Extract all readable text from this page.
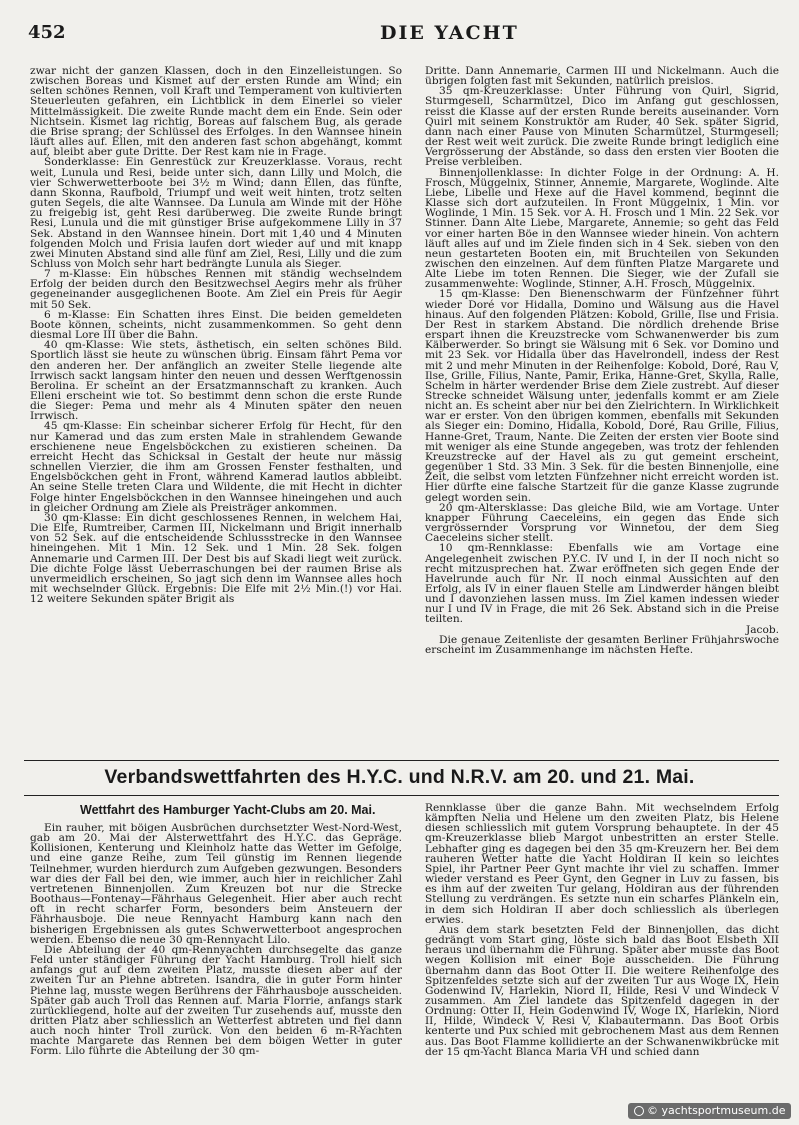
452	DIE YACHT

zwar nicht der ganzen Klassen, doch in den Einzelleistungen. So zwischen Boreas und Kismet auf der ersten Runde am Wind; ein selten schönes Rennen, voll Kraft und Temperament von kultivierten Steuerleuten gefahren, ein Lichtblick in dem Einerlei so vieler Mittelmässigkeit. Die zweite Runde macht dem ein Ende. Sein oder Nichtsein. Kismet lag richtig, Boreas auf falschem Bug, als gerade die Brise sprang; der Schlüssel des Erfolges. In den Wannsee hinein läuft alles auf. Ellen, mit den anderen fast schon abgehängt, kommt auf, bleibt aber gute Dritte. Der Rest kam nie in Frage.

Sonderklasse: Ein Genrestück zur Kreuzerklasse. Voraus, recht weit, Lunula und Resi, beide unter sich, dann Lilly und Molch, die vier Schwerwetterboote bei 3½ m Wind; dann Ellen, das fünfte, dann Skonna, Raufbold, Triumpf und weit weit hinten, trotz selten guten Segels, die alte Wannsee. Da Lunula am Winde mit der Höhe zu freigebig ist, geht Resi darüberweg. Die zweite Runde bringt Resi, Lunula und die mit günstiger Brise aufgekommene Lilly in 37 Sek. Abstand in den Wannsee hinein. Dort mit 1,40 und 4 Minuten folgenden Molch und Frisia laufen dort wieder auf und mit knapp zwei Minuten Abstand sind alle fünf am Ziel, Resi, Lilly und die zum Schluss von Molch sehr hart bedrängte Lunula als Sieger.

7 m-Klasse: Ein hübsches Rennen mit ständig wechselndem Erfolg der beiden durch den Besitzwechsel Aegirs mehr als früher gegeneinander ausgeglichenen Boote. Am Ziel ein Preis für Aegir mit 50 Sek.

6 m-Klasse: Ein Schatten ihres Einst. Die beiden gemeldeten Boote können, scheints, nicht zusammenkommen. So geht denn diesmal Lore III über die Bahn.

40 qm-Klasse: Wie stets, ästhetisch, ein selten schönes Bild. Sportlich lässt sie heute zu wünschen übrig. Einsam fährt Pema vor den anderen her. Der anfänglich an zweiter Stelle liegende alte Irrwisch sackt langsam hinter den neuen und dessen Werftgenossin Berolina. Er scheint an der Ersatzmannschaft zu kranken. Auch Elleni erscheint wie tot. So bestimmt denn schon die erste Runde die Sieger: Pema und mehr als 4 Minuten später den neuen Irrwisch.

45 qm-Klasse: Ein scheinbar sicherer Erfolg für Hecht, für den nur Kamerad und das zum ersten Male in strahlendem Gewande erschienene neue Engelsböckchen zu existieren scheinen. Da erreicht Hecht das Schicksal in Gestalt der heute nur mässig schnellen Vierzier, die ihm am Grossen Fenster festhalten, und Engelsböckchen geht in Front, während Kamerad lautlos abbleibt. An seine Stelle treten Clara und Wildente, die mit Hecht in dichter Folge hinter Engelsböckchen in den Wannsee hineingehen und auch in gleicher Ordnung am Ziele als Preisträger ankommen.

30 qm-Klasse: Ein dicht geschlossenes Rennen, in welchem Hai, Die Elfe, Rumtreiber, Carmen III, Nickelmann und Brigit innerhalb von 52 Sek. auf die entscheidende Schlussstrecke in den Wannsee hineingehen. Mit 1 Min. 12 Sek. und 1 Min. 28 Sek. folgen Annemarie und Carmen III. Der Dest bis auf Skadi liegt weit zurück. Die dichte Folge lässt Ueberraschungen bei der raumen Brise als unvermeidlich erscheinen, So jagt sich denn im Wannsee alles hoch mit wechselnder Glück. Ergebnis: Die Elfe mit 2½ Min.(!) vor Hai. 12 weitere Sekunden später Brigit als

Dritte. Dann Annemarie, Carmen III und Nickelmann. Auch die übrigen folgten fast mit Sekunden, natürlich preislos.

35 qm-Kreuzerklasse: Unter Führung von Quirl, Sigrid, Sturmgesell, Scharmützel, Dico im Anfang gut geschlossen, reisst die Klasse auf der ersten Runde bereits auseinander. Vorn Quirl mit seinem Konstruktör am Ruder, 40 Sek. später Sigrid, dann nach einer Pause von Minuten Scharmützel, Sturmgesell; der Rest weit weit zurück. Die zweite Runde bringt lediglich eine Vergrösserung der Abstände, so dass den ersten vier Booten die Preise verbleiben.

Binnenjollenklasse: In dichter Folge in der Ordnung: A. H. Frosch, Müggelnix, Stinner, Annemie, Margarete, Woglinde. Alte Liebe, Libelle und Hexe auf die Havel kommend, beginnt die Klasse sich dort aufzuteilen. In Front Müggelnix, 1 Min. vor Woglinde, 1 Min. 15 Sek. vor A. H. Frosch und 1 Min. 22 Sek. vor Stinner. Dann Alte Liebe, Margarete, Annemie; so geht das Feld vor einer harten Böe in den Wannsee wieder hinein. Von achtern läuft alles auf und im Ziele finden sich in 4 Sek. sieben von den neun gestarteten Booten ein, mit Bruchteilen von Sekunden zwischen den einzelnen. Auf dem fünften Platze Margarete und Alte Liebe im toten Rennen. Die Sieger, wie der Zufall sie zusammenwehte: Woglinde, Stinner, A.H. Frosch, Müggelnix.

15 qm-Klasse: Den Bienenschwarm der Fünfzehner führt wieder Doré vor Hidalla, Domino und Wälsung aus die Havel hinaus. Auf den folgenden Plätzen: Kobold, Grille, Ilse und Frisia. Der Rest in starkem Abstand. Die nördlich drehende Brise erspart ihnen die Kreuzstrecke vom Schwanenwerder bis zum Kälberwerder. So bringt sie Wälsung mit 6 Sek. vor Domino und mit 23 Sek. vor Hidalla über das Havelrondell, indess der Rest mit 2 und mehr Minuten in der Reihenfolge: Kobold, Doré, Rau V, Ilse, Grille, Filius, Nante, Pamir, Erika, Hanne-Gret, Skylla, Ralle, Schelm in härter werdender Brise dem Ziele zustrebt. Auf dieser Strecke schneidet Wälsung unter, jedenfalls kommt er am Ziele nicht an. Es scheint aber nur bei den Zielrichtern. In Wirklichkeit war er erster. Von den übrigen kommen, ebenfalls mit Sekunden als Sieger ein: Domino, Hidalla, Kobold, Doré, Rau Grille, Filius, Hanne-Gret, Traum, Nante. Die Zeiten der ersten vier Boote sind mit weniger als eine Stunde angegeben, was trotz der fehlenden Kreuzstrecke auf der Havel als zu gut gemeint erscheint, gegenüber 1 Std. 33 Min. 3 Sek. für die besten Binnenjolle, eine Zeit, die selbst vom letzten Fünfzehner nicht erreicht worden ist. Hier dürfte eine falsche Startzeit für die ganze Klasse zugrunde gelegt worden sein.

20 qm-Altersklasse: Das gleiche Bild, wie am Vortage. Unter knapper Führung Caeceleins, ein gegen das Ende sich vergrössernder Vorsprung vor Winnetou, der dem Sieg Caeceleins sicher stellt.

10 qm-Rennklasse: Ebenfalls wie am Vortage eine Angelegenheit zwischen P.Y.C. IV und I, in der II noch nicht so recht mitzusprechen hat. Zwar eröffneten sich gegen Ende der Havelrunde auch für Nr. II noch einmal Aussichten auf den Erfolg, als IV in einer flauen Stelle am Lindwerder hängen bleibt und I davonziehen lassen muss. Im Ziel kamen indessen wieder nur I und IV in Frage, die mit 26 Sek. Abstand sich in die Preise teilten.

Jacob.

Die genaue Zeitenliste der gesamten Berliner Frühjahrswoche erscheint im Zusammenhange im nächsten Hefte.

Verbandswettfahrten des H.Y.C. und N.R.V. am 20. und 21. Mai.
Wettfahrt des Hamburger Yacht-Clubs am 20. Mai.

Ein rauher, mit böigen Ausbrüchen durchsetzter West-Nord-West, gab am 20. Mai der Alsterwettfahrt des H.Y.C. das Gepräge. Kollisionen, Kenterung und Kleinholz hatte das Wetter im Gefolge, und eine ganze Reihe, zum Teil günstig im Rennen liegende Teilnehmer, wurden hierdurch zum Aufgeben gezwungen. Besonders war dies der Fall bei den, wie immer, auch hier in reichlicher Zahl vertretenen Binnenjollen. Zum Kreuzen bot nur die Strecke Boothaus—Fontenay—Fährhaus Gelegenheit. Hier aber auch recht oft in recht scharfer Form, besonders beim Ansteuern der Fährhausboje. Die neue Rennyacht Hamburg kann nach den bisherigen Ergebnissen als gutes Schwerwetterboot angesprochen werden. Ebenso die neue 30 qm-Rennyacht Lilo.

Die Abteilung der 40 qm-Rennyachten durchsegelte das ganze Feld unter ständiger Führung der Yacht Hamburg. Troll hielt sich anfangs gut auf dem zweiten Platz, musste diesen aber auf der zweiten Tur an Piehne abtreten. Isandra, die in guter Form hinter Piehne lag, musste wegen Berührens der Fährhausboje ausscheiden. Später gab auch Troll das Rennen auf. Maria Florrie, anfangs stark zurückliegend, holte auf der zweiten Tur zusehends auf, musste den dritten Platz aber schliesslich an Wetterfest abtreten und fiel dann auch noch hinter Troll zurück. Von den beiden 6 m-R-Yachten machte Margarete das Rennen bei dem böigen Wetter in guter Form. Lilo führte die Abteilung der 30 qm-

Rennklasse über die ganze Bahn. Mit wechselndem Erfolg kämpften Nelia und Helene um den zweiten Platz, bis Helene diesen schliesslich mit gutem Vorsprung behauptete. In der 45 qm-Kreuzerklasse blieb Margot unbestritten an erster Stelle. Lebhafter ging es dagegen bei den 35 qm-Kreuzern her. Bei dem rauheren Wetter hatte die Yacht Holdiran II kein so leichtes Spiel, ihr Partner Peer Gynt machte ihr viel zu schaffen. Immer wieder verstand es Peer Gynt, den Gegner in Luv zu fassen, bis es ihm auf der zweiten Tur gelang, Holdiran aus der führenden Stellung zu verdrängen. Es setzte nun ein scharfes Plänkeln ein, in dem sich Holdiran II aber doch schliesslich als überlegen erwies.

Aus dem stark besetzten Feld der Binnenjollen, das dicht gedrängt vom Start ging, löste sich bald das Boot Elsbeth XII heraus und übernahm die Führung. Später aber musste das Boot wegen Kollision mit einer Boje ausscheiden. Die Führung übernahm dann das Boot Otter II. Die weitere Reihenfolge des Spitzenfeldes setzte sich auf der zweiten Tur aus Woge IX, Hein Godenwind IV, Harlekin, Niord II, Hilde, Resi V und Windeck V zusammen. Am Ziel landete das Spitzenfeld dagegen in der Ordnung: Otter II, Hein Godenwind IV, Woge IX, Harlekin, Niord II, Hilde, Windeck V, Resi V, Klabautermann. Das Boot Orbis kenterte und Pux schied mit gebrochenem Mast aus dem Rennen aus. Das Boot Flamme kollidierte an der Schwanenwikbrücke mit der 15 qm-Yacht Blanca Maria VH und schied dann

© yachtsportmuseum.de
